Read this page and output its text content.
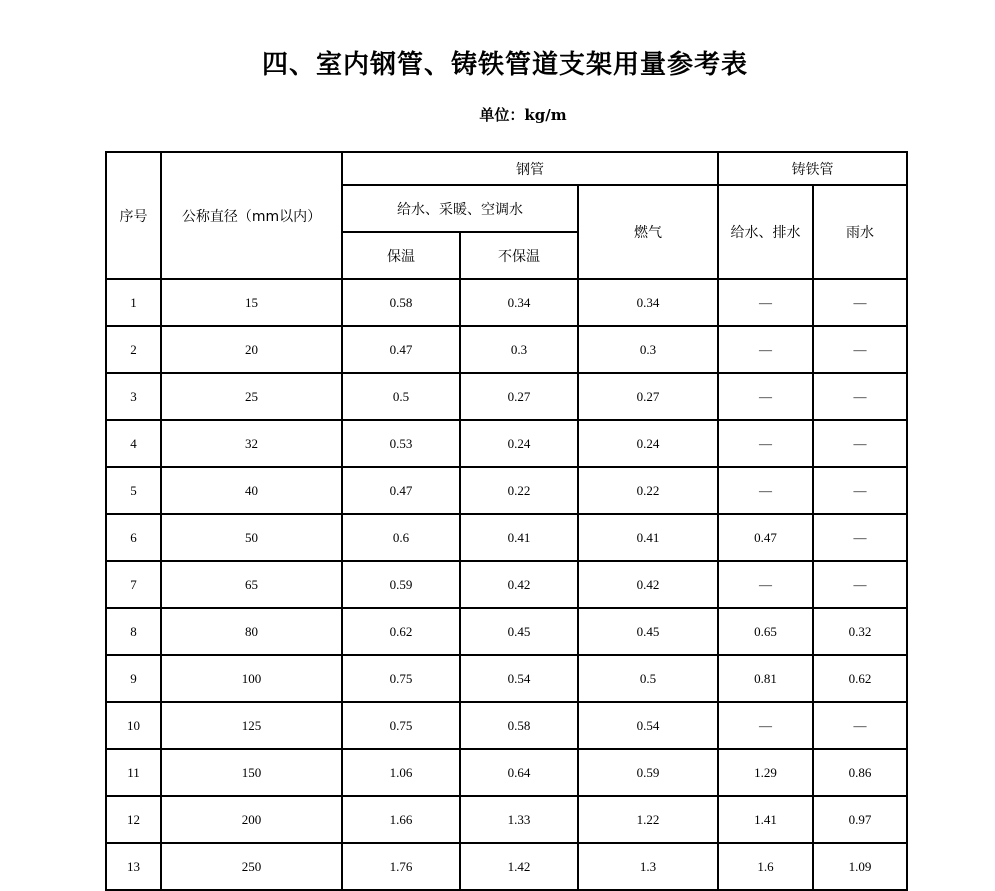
四、室内钢管、铸铁管道支架用量参考表
单位：kg/m
序号	公称直径（mm以内）	钢管			铸铁管	
		给水、采暖、空调水		燃气	给水、排水	雨水
		保温	不保温			
1	15	0.58	0.34	0.34	—	—
2	20	0.47	0.3	0.3	—	—
3	25	0.5	0.27	0.27	—	—
4	32	0.53	0.24	0.24	—	—
5	40	0.47	0.22	0.22	—	—
6	50	0.6	0.41	0.41	0.47	—
7	65	0.59	0.42	0.42	—	—
8	80	0.62	0.45	0.45	0.65	0.32
9	100	0.75	0.54	0.5	0.81	0.62
10	125	0.75	0.58	0.54	—	—
11	150	1.06	0.64	0.59	1.29	0.86
12	200	1.66	1.33	1.22	1.41	0.97
13	250	1.76	1.42	1.3	1.6	1.09
